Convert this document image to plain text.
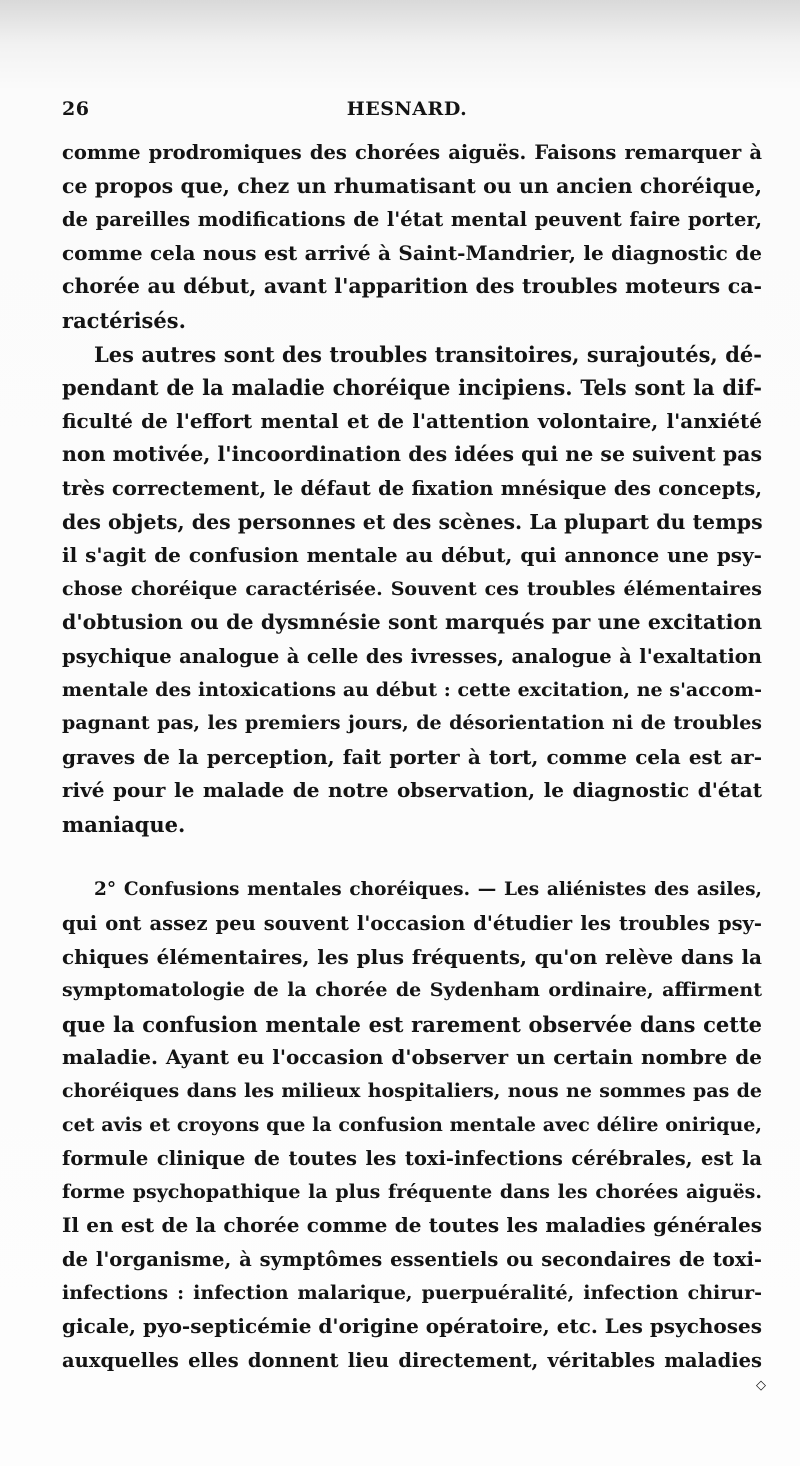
26	HESNARD.
comme prodromiques des chorées aiguës. Faisons remarquer à
ce propos que, chez un rhumatisant ou un ancien choréique,
de pareilles modifications de l'état mental peuvent faire porter,
comme cela nous est arrivé à Saint-Mandrier, le diagnostic de
chorée au début, avant l'apparition des troubles moteurs ca-
ractérisés.
Les autres sont des troubles transitoires, surajoutés, dé-
pendant de la maladie choréique incipiens. Tels sont la dif-
ficulté de l'effort mental et de l'attention volontaire, l'anxiété
non motivée, l'incoordination des idées qui ne se suivent pas
très correctement, le défaut de fixation mnésique des concepts,
des objets, des personnes et des scènes. La plupart du temps
il s'agit de confusion mentale au début, qui annonce une psy-
chose choréique caractérisée. Souvent ces troubles élémentaires
d'obtusion ou de dysmnésie sont marqués par une excitation
psychique analogue à celle des ivresses, analogue à l'exaltation
mentale des intoxications au début : cette excitation, ne s'accom-
pagnant pas, les premiers jours, de désorientation ni de troubles
graves de la perception, fait porter à tort, comme cela est ar-
rivé pour le malade de notre observation, le diagnostic d'état
maniaque.
2° Confusions mentales choréiques. — Les aliénistes des asiles,
qui ont assez peu souvent l'occasion d'étudier les troubles psy-
chiques élémentaires, les plus fréquents, qu'on relève dans la
symptomatologie de la chorée de Sydenham ordinaire, affirment
que la confusion mentale est rarement observée dans cette
maladie. Ayant eu l'occasion d'observer un certain nombre de
choréiques dans les milieux hospitaliers, nous ne sommes pas de
cet avis et croyons que la confusion mentale avec délire onirique,
formule clinique de toutes les toxi-infections cérébrales, est la
forme psychopathique la plus fréquente dans les chorées aiguës.
Il en est de la chorée comme de toutes les maladies générales
de l'organisme, à symptômes essentiels ou secondaires de toxi-
infections : infection malarique, puerpuéralité, infection chirur-
gicale, pyo-septicémie d'origine opératoire, etc. Les psychoses
auxquelles elles donnent lieu directement, véritables maladies
◇
